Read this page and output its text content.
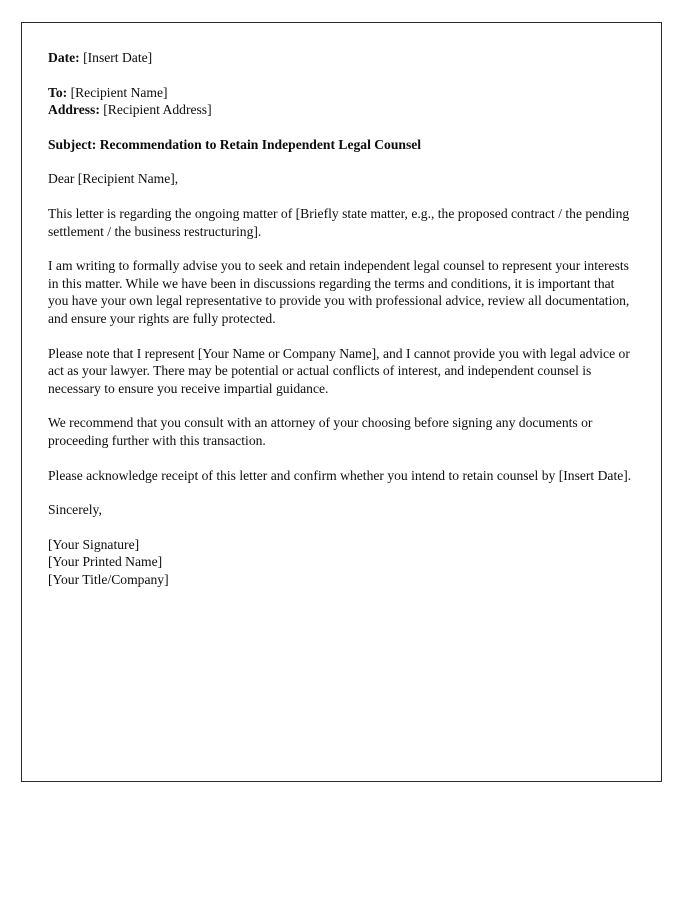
Date: [Insert Date]

To: [Recipient Name]

Address: [Recipient Address]

Subject: Recommendation to Retain Independent Legal Counsel

Dear [Recipient Name],

This letter is regarding the ongoing matter of [Briefly state matter, e.g., the proposed contract / the pending settlement / the business restructuring].

I am writing to formally advise you to seek and retain independent legal counsel to represent your interests in this matter. While we have been in discussions regarding the terms and conditions, it is important that you have your own legal representative to provide you with professional advice, review all documentation, and ensure your rights are fully protected.

Please note that I represent [Your Name or Company Name], and I cannot provide you with legal advice or act as your lawyer. There may be potential or actual conflicts of interest, and independent counsel is necessary to ensure you receive impartial guidance.

We recommend that you consult with an attorney of your choosing before signing any documents or proceeding further with this transaction.

Please acknowledge receipt of this letter and confirm whether you intend to retain counsel by [Insert Date].

Sincerely,

[Your Signature]

[Your Printed Name]

[Your Title/Company]
